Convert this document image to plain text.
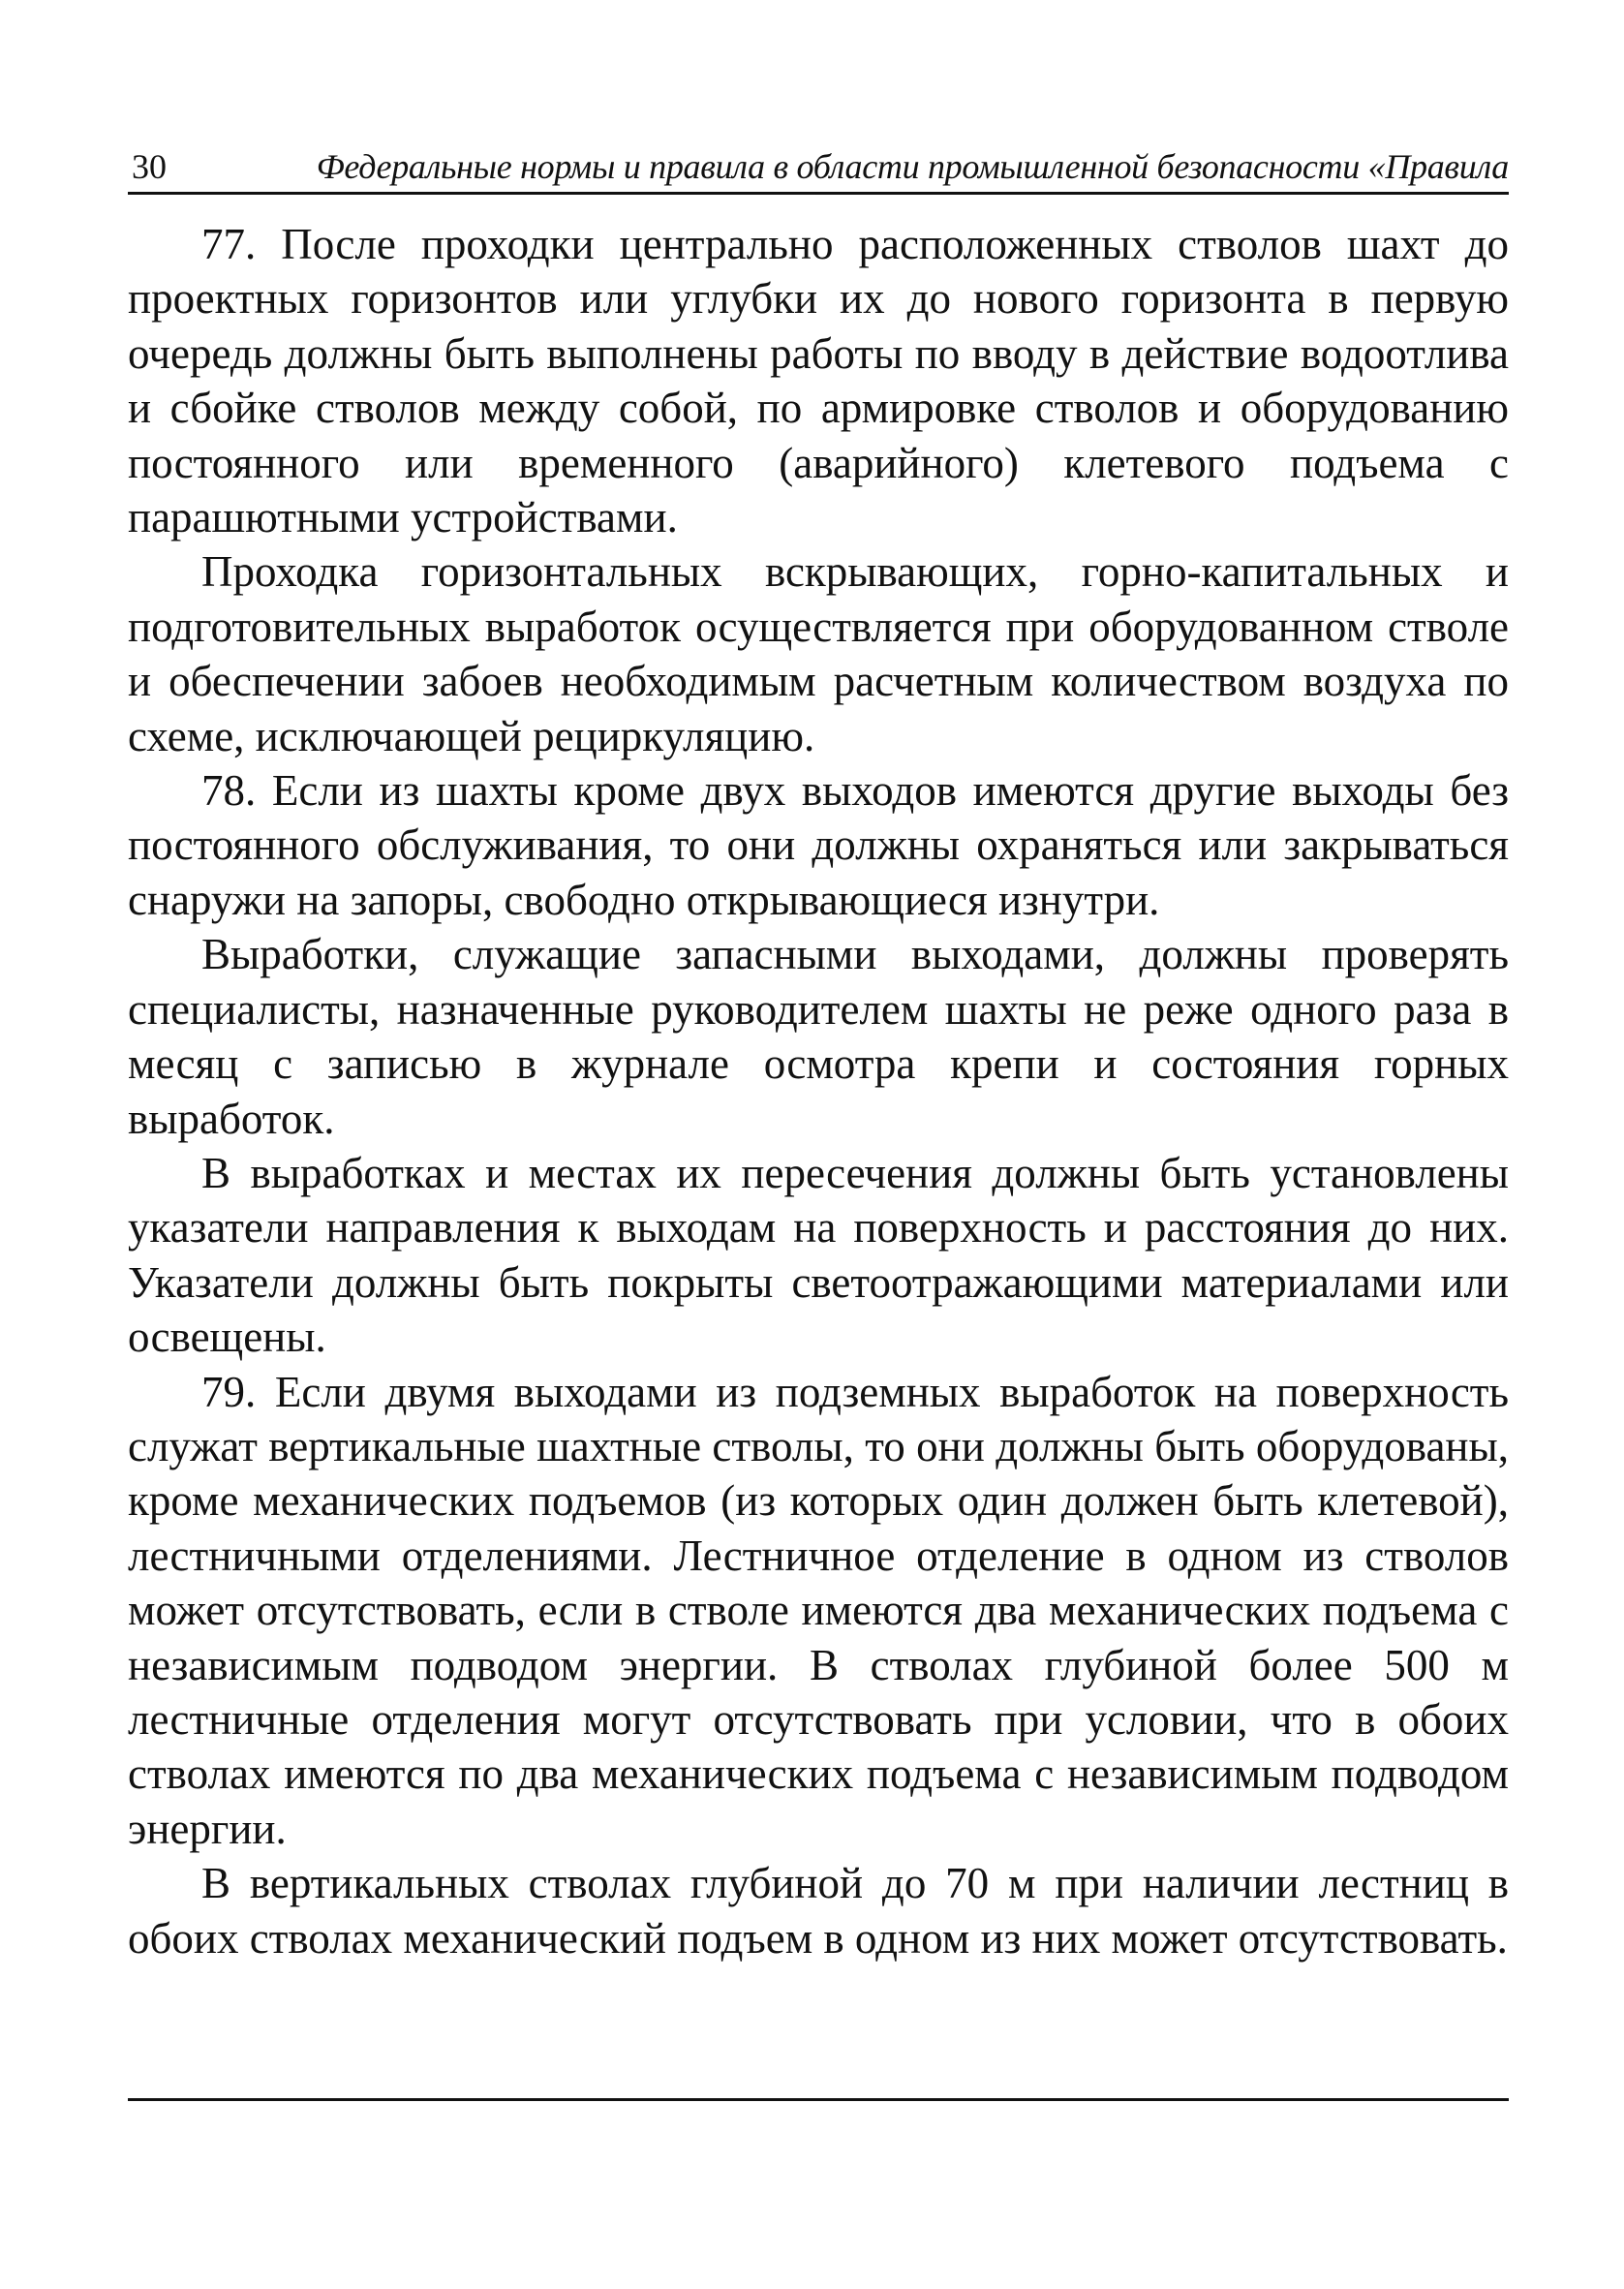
30	Федеральные нормы и правила в области промышленной безопасности «Правила

77. После проходки центрально расположенных стволов шахт до проектных горизонтов или углубки их до нового горизонта в первую очередь должны быть выполнены работы по вводу в действие водоотлива и сбойке стволов между собой, по армировке стволов и оборудованию постоянного или временного (аварийного) клетевого подъема с парашютными устройствами.

Проходка горизонтальных вскрывающих, горно-капитальных и подготовительных выработок осуществляется при оборудованном стволе и обеспечении забоев необходимым расчетным количеством воздуха по схеме, исключающей рециркуляцию.

78. Если из шахты кроме двух выходов имеются другие выходы без постоянного обслуживания, то они должны охраняться или закрываться снаружи на запоры, свободно открывающиеся изнутри.

Выработки, служащие запасными выходами, должны проверять специалисты, назначенные руководителем шахты не реже одного раза в месяц с записью в журнале осмотра крепи и состояния горных выработок.

В выработках и местах их пересечения должны быть установлены указатели направления к выходам на поверхность и расстояния до них. Указатели должны быть покрыты светоотражающими материалами или освещены.

79. Если двумя выходами из подземных выработок на поверхность служат вертикальные шахтные стволы, то они должны быть оборудованы, кроме механических подъемов (из которых один должен быть клетевой), лестничными отделениями. Лестничное отделение в одном из стволов может отсутствовать, если в стволе имеются два механических подъема с независимым подводом энергии. В стволах глубиной более 500 м лестничные отделения могут отсутствовать при условии, что в обоих стволах имеются по два механических подъема с независимым подводом энергии.

В вертикальных стволах глубиной до 70 м при наличии лестниц в обоих стволах механический подъем в одном из них может отсутствовать.
